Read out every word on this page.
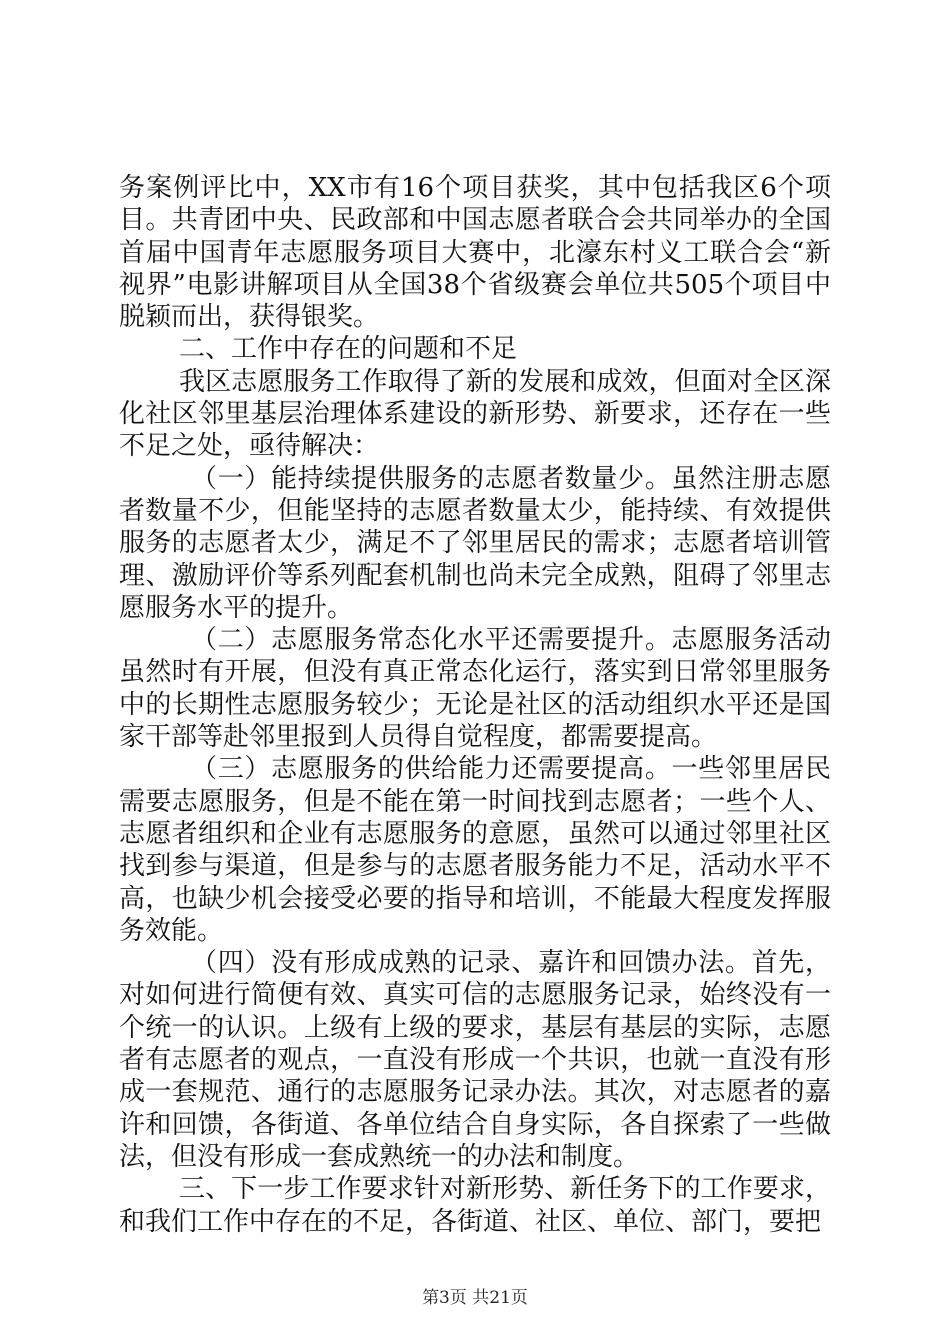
务案例评比中，XX市有16个项目获奖，其中包括我区6个项目。共青团中央、民政部和中国志愿者联合会共同举办的全国首届中国青年志愿服务项目大赛中，北濠东村义工联合会“新视界”电影讲解项目从全国38个省级赛会单位共505个项目中脱颖而出，获得银奖。

二、工作中存在的问题和不足

我区志愿服务工作取得了新的发展和成效，但面对全区深化社区邻里基层治理体系建设的新形势、新要求，还存在一些不足之处，亟待解决：

（一）能持续提供服务的志愿者数量少。虽然注册志愿者数量不少，但能坚持的志愿者数量太少，能持续、有效提供服务的志愿者太少，满足不了邻里居民的需求；志愿者培训管理、激励评价等系列配套机制也尚未完全成熟，阻碍了邻里志愿服务水平的提升。

（二）志愿服务常态化水平还需要提升。志愿服务活动虽然时有开展，但没有真正常态化运行，落实到日常邻里服务中的长期性志愿服务较少；无论是社区的活动组织水平还是国家干部等赴邻里报到人员得自觉程度，都需要提高。

（三）志愿服务的供给能力还需要提高。一些邻里居民需要志愿服务，但是不能在第一时间找到志愿者；一些个人、志愿者组织和企业有志愿服务的意愿，虽然可以通过邻里社区找到参与渠道，但是参与的志愿者服务能力不足，活动水平不高，也缺少机会接受必要的指导和培训，不能最大程度发挥服务效能。

（四）没有形成成熟的记录、嘉许和回馈办法。首先，对如何进行简便有效、真实可信的志愿服务记录，始终没有一个统一的认识。上级有上级的要求，基层有基层的实际，志愿者有志愿者的观点，一直没有形成一个共识，也就一直没有形成一套规范、通行的志愿服务记录办法。其次，对志愿者的嘉许和回馈，各街道、各单位结合自身实际，各自探索了一些做法，但没有形成一套成熟统一的办法和制度。

三、下一步工作要求针对新形势、新任务下的工作要求，和我们工作中存在的不足，各街道、社区、单位、部门，要把

第3页 共21页
